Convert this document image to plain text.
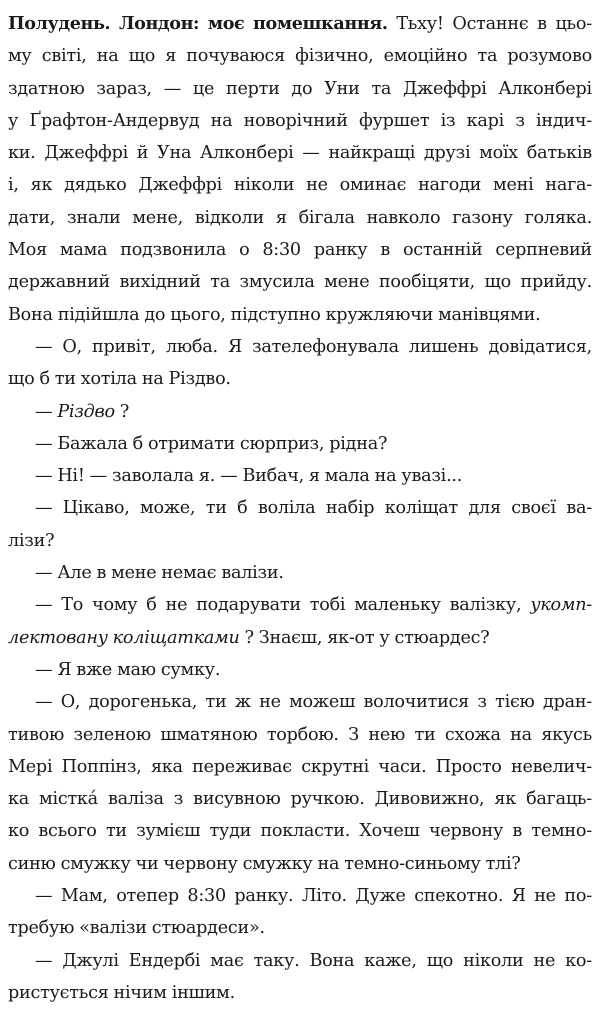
Полудень. Лондон: моє помешкання. Тьху! Останнє в цьо-
му світі, на що я почуваюся фізично, емоційно та розумово
здатною зараз, — це перти до Уни та Джеффрі Алконбері
у Ґрафтон-Андервуд на новорічний фуршет із карі з індич-
ки. Джеффрі й Уна Алконбері — найкращі друзі моїх батьків
і, як дядько Джеффрі ніколи не оминає нагоди мені нага-
дати, знали мене, відколи я бігала навколо газону голяка.
Моя мама подзвонила о 8:30 ранку в останній серпневий
державний вихідний та змусила мене пообіцяти, що прийду.
Вона підійшла до цього, підступно кружляючи манівцями.
— О, привіт, люба. Я зателефонувала лишень довідатися,
що б ти хотіла на Різдво.
— Різдво ?
— Бажала б отримати сюрприз, рідна?
— Ні! — заволала я. — Вибач, я мала на увазі...
— Цікаво, може, ти б воліла набір коліщат для своєї ва-
лізи?
— Але в мене немає валізи.
— То чому б не подарувати тобі маленьку валізку, укомп-
лектовану коліщатками ? Знаєш, як-от у стюардес?
— Я вже маю сумку.
— О, дорогенька, ти ж не можеш волочитися з тією дран-
тивою зеленою шматяною торбою. З нею ти схожа на якусь
Мері Поппінз, яка переживає скрутні часи. Просто невелич-
ка місткá валіза з висувною ручкою. Дивовижно, як багаць-
ко всього ти зумієш туди покласти. Хочеш червону в темно-
синю смужку чи червону смужку на темно-синьому тлі?
— Мам, отепер 8:30 ранку. Літо. Дуже спекотно. Я не по-
требую «валізи стюардеси».
— Джулі Ендербі має таку. Вона каже, що ніколи не ко-
ристується нічим іншим.
